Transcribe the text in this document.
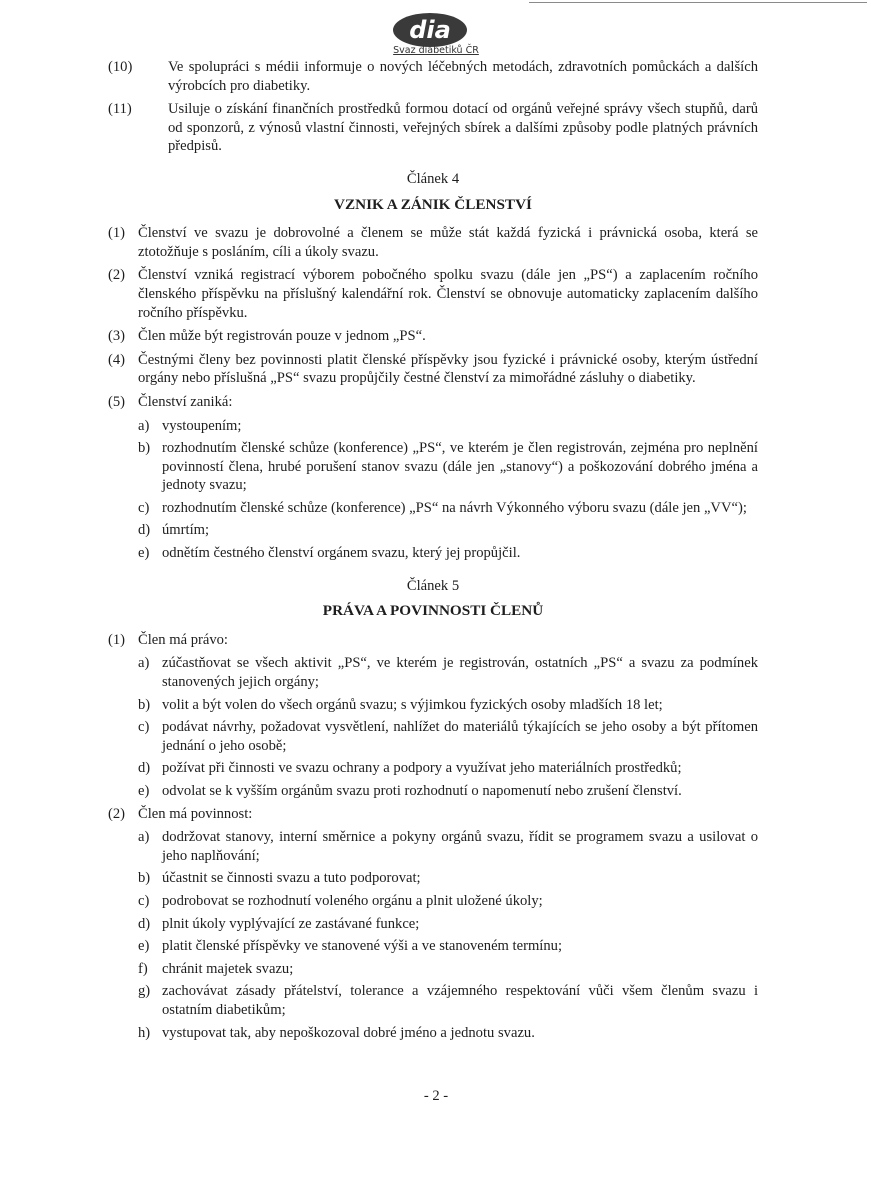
dia
Svaz diabetiků ČR
(10) Ve spolupráci s médii informuje o nových léčebných metodách, zdravotních pomůckách a dalších výrobcích pro diabetiky.
(11) Usiluje o získání finančních prostředků formou dotací od orgánů veřejné správy všech stupňů, darů od sponzorů, z výnosů vlastní činnosti, veřejných sbírek a dalšími způsoby podle platných právních předpisů.
Článek 4
VZNIK A ZÁNIK ČLENSTVÍ
(1) Členství ve svazu je dobrovolné a členem se může stát každá fyzická i právnická osoba, která se ztotožňuje s posláním, cíli a úkoly svazu.
(2) Členství vzniká registrací výborem pobočného spolku svazu (dále jen „PS“) a zaplacením ročního členského příspěvku na příslušný kalendářní rok. Členství se obnovuje automaticky zaplacením dalšího ročního příspěvku.
(3) Člen může být registrován pouze v jednom „PS“.
(4) Čestnými členy bez povinnosti platit členské příspěvky jsou fyzické i právnické osoby, kterým ústřední orgány nebo příslušná „PS“ svazu propůjčily čestné členství za mimořádné zásluhy o diabetiky.
(5) Členství zaniká:
a) vystoupením;
b) rozhodnutím členské schůze (konference) „PS“, ve kterém je člen registrován, zejména pro neplnění povinností člena, hrubé porušení stanov svazu (dále jen „stanovy“) a poškozování dobrého jména a jednoty svazu;
c) rozhodnutím členské schůze (konference) „PS“ na návrh Výkonného výboru svazu (dále jen „VV“);
d) úmrtím;
e) odnětím čestného členství orgánem svazu, který jej propůjčil.
Článek 5
PRÁVA A POVINNOSTI ČLENŮ
(1) Člen má právo:
a) zúčastňovat se všech aktivit „PS“, ve kterém je registrován, ostatních „PS“ a svazu za podmínek stanovených jejich orgány;
b) volit a být volen do všech orgánů svazu; s výjimkou fyzických osoby mladších 18 let;
c) podávat návrhy, požadovat vysvětlení, nahlížet do materiálů týkajících se jeho osoby a být přítomen jednání o jeho osobě;
d) požívat při činnosti ve svazu ochrany a podpory a využívat jeho materiálních prostředků;
e) odvolat se k vyšším orgánům svazu proti rozhodnutí o napomenutí nebo zrušení členství.
(2) Člen má povinnost:
a) dodržovat stanovy, interní směrnice a pokyny orgánů svazu, řídit se programem svazu a usilovat o jeho naplňování;
b) účastnit se činnosti svazu a tuto podporovat;
c) podrobovat se rozhodnutí voleného orgánu a plnit uložené úkoly;
d) plnit úkoly vyplývající ze zastávané funkce;
e) platit členské příspěvky ve stanovené výši a ve stanoveném termínu;
f) chránit majetek svazu;
g) zachovávat zásady přátelství, tolerance a vzájemného respektování vůči všem členům svazu i ostatním diabetikům;
h) vystupovat tak, aby nepoškozoval dobré jméno a jednotu svazu.
- 2 -
